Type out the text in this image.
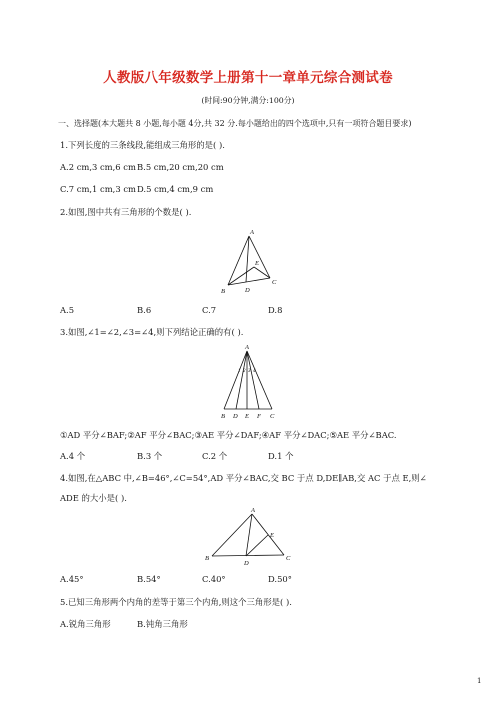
人教版八年级数学上册第十一章单元综合测试卷
(时间:90分钟,满分:100分)
一、选择题(本大题共 8 小题,每小题 4分,共 32 分.每小题给出的四个选项中,只有一项符合题目要求)
1.下列长度的三条线段,能组成三角形的是( ).
A.2 cm,3 cm,6 cm B.5 cm,20 cm,20 cm
C.7 cm,1 cm,3 cm D.5 cm,4 cm,9 cm
2.如图,图中共有三角形的个数是( ).
A
E
B
C
D
A.5	B.6	C.7	D.8
3.如图,∠1=∠2,∠3=∠4,则下列结论正确的有( ).
A
1 2 3 4
B D E F C
①AD 平分∠BAF;②AF 平分∠BAC;③AE 平分∠DAF;④AF 平分∠DAC;⑤AE 平分∠BAC.
A.4 个	B.3 个	C.2 个	D.1 个
4.如图,在△ABC 中,∠B=46°,∠C=54°,AD 平分∠BAC,交 BC 于点 D,DE∥AB,交 AC 于点 E,则∠
ADE 的大小是( ).
A
B	C
D
E
A.45°	B.54°	C.40°	D.50°
5.已知三角形两个内角的差等于第三个内角,则这个三角形是( ).
A.锐角三角形	B.钝角三角形
1
